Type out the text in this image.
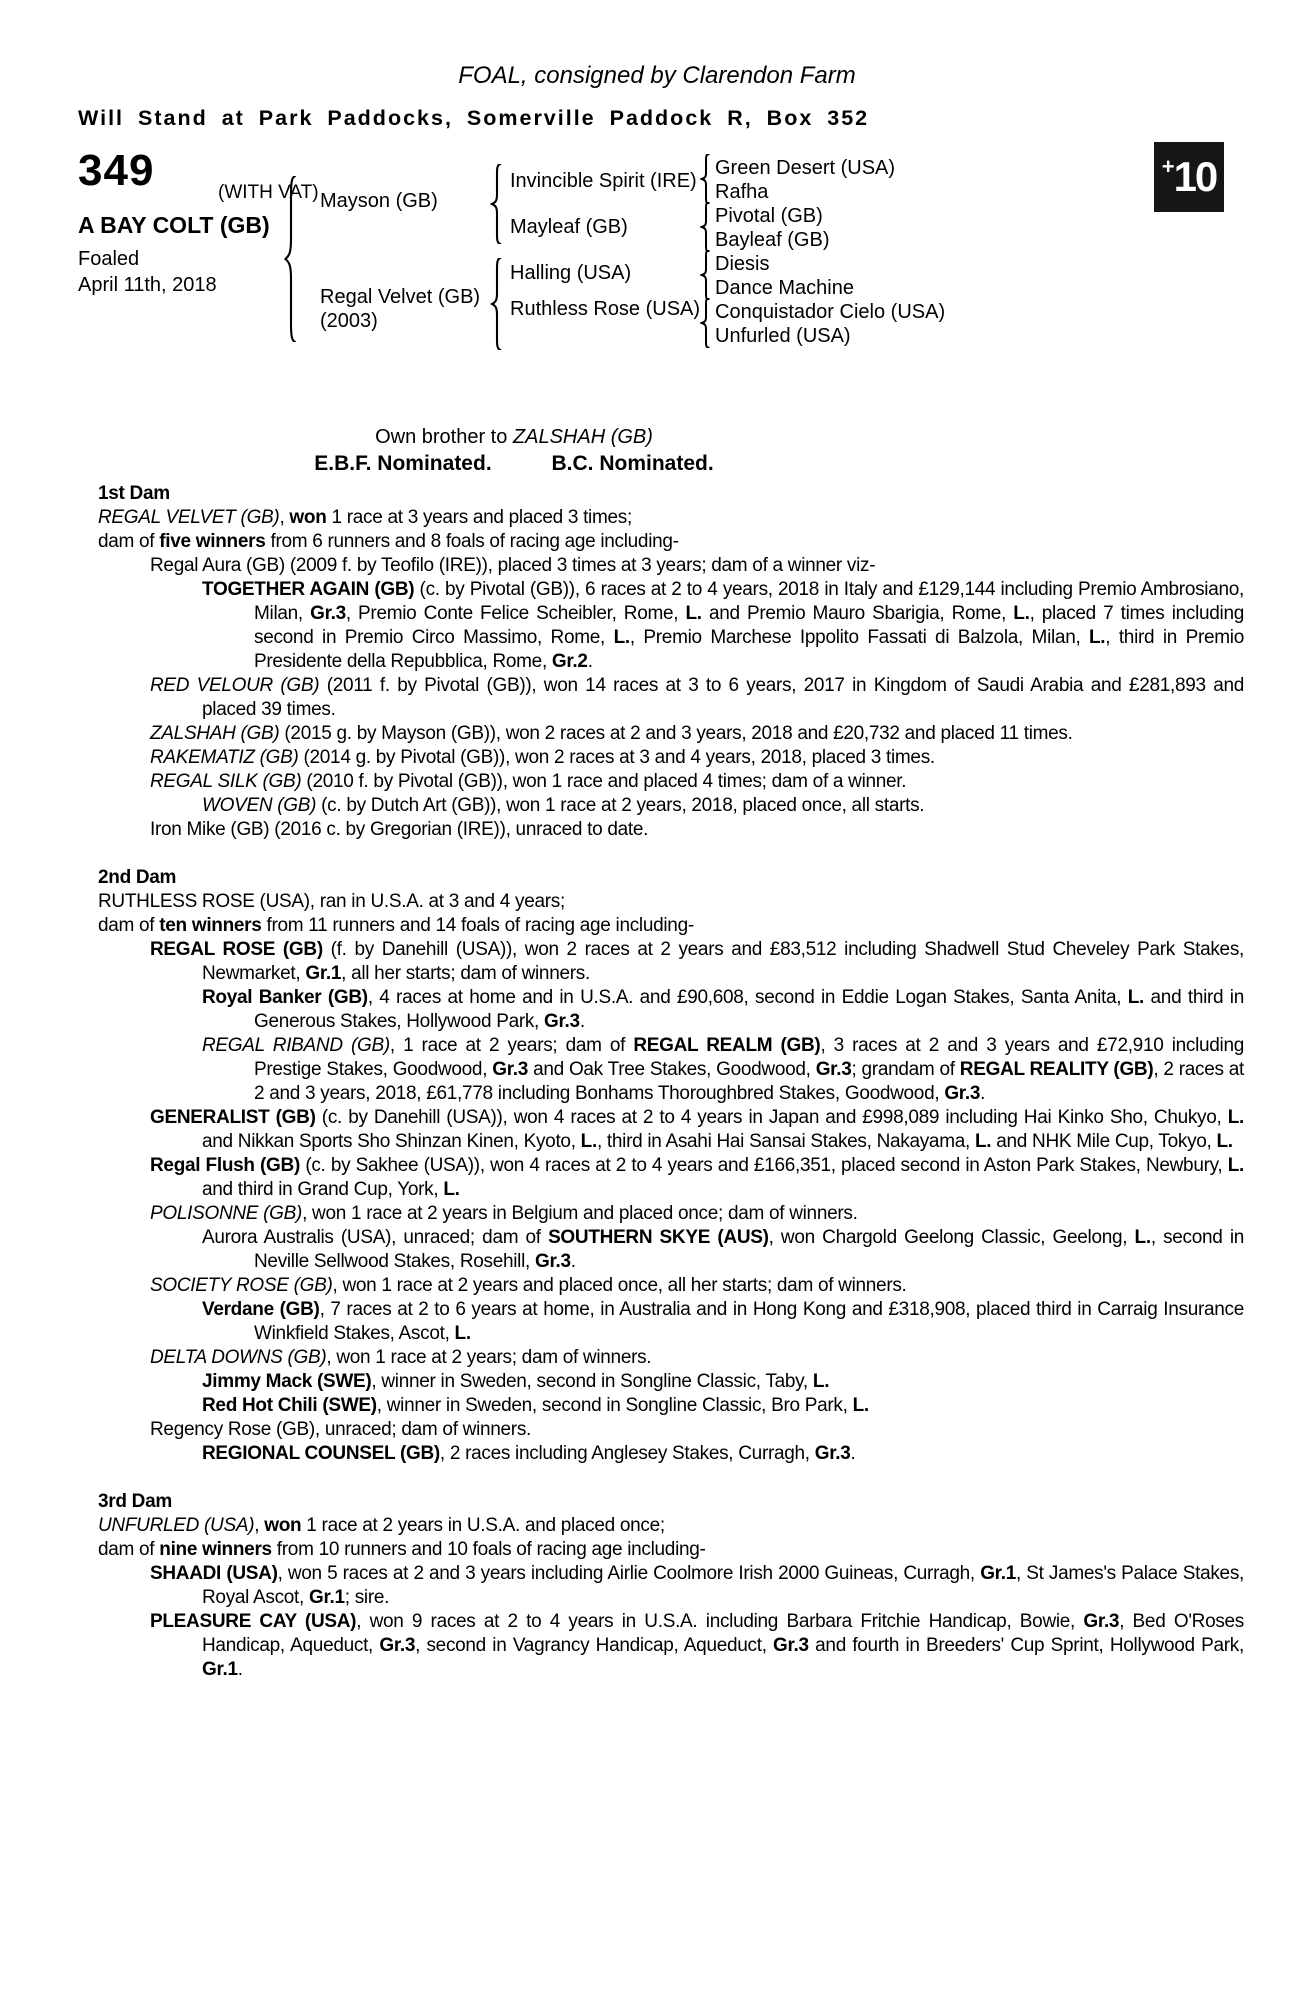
FOAL, consigned by Clarendon Farm
Will Stand at Park Paddocks, Somerville Paddock R, Box 352
+ 10
349	(WITH VAT)
A BAY COLT (GB)
Foaled
April 11th, 2018
Mayson (GB)
Regal Velvet (GB)
(2003)
Invincible Spirit (IRE)
Mayleaf (GB)
Halling (USA)
Ruthless Rose (USA)
Green Desert (USA)
Rafha
Pivotal (GB)
Bayleaf (GB)
Diesis
Dance Machine
Conquistador Cielo (USA)
Unfurled (USA)
Own brother to ZALSHAH (GB)
E.B.F. Nominated.	B.C. Nominated.
1st Dam

REGAL VELVET (GB), won 1 race at 3 years and placed 3 times;

dam of five winners from 6 runners and 8 foals of racing age including-

Regal Aura (GB) (2009 f. by Teofilo (IRE)), placed 3 times at 3 years; dam of a winner viz-

TOGETHER AGAIN (GB) (c. by Pivotal (GB)), 6 races at 2 to 4 years, 2018 in Italy and £129,144 including Premio Ambrosiano, Milan, Gr.3, Premio Conte Felice Scheibler, Rome, L. and Premio Mauro Sbarigia, Rome, L., placed 7 times including second in Premio Circo Massimo, Rome, L., Premio Marchese Ippolito Fassati di Balzola, Milan, L., third in Premio Presidente della Repubblica, Rome, Gr.2.

RED VELOUR (GB) (2011 f. by Pivotal (GB)), won 14 races at 3 to 6 years, 2017 in Kingdom of Saudi Arabia and £281,893 and placed 39 times.

ZALSHAH (GB) (2015 g. by Mayson (GB)), won 2 races at 2 and 3 years, 2018 and £20,732 and placed 11 times.

RAKEMATIZ (GB) (2014 g. by Pivotal (GB)), won 2 races at 3 and 4 years, 2018, placed 3 times.

REGAL SILK (GB) (2010 f. by Pivotal (GB)), won 1 race and placed 4 times; dam of a winner.

WOVEN (GB) (c. by Dutch Art (GB)), won 1 race at 2 years, 2018, placed once, all starts.

Iron Mike (GB) (2016 c. by Gregorian (IRE)), unraced to date.

2nd Dam

RUTHLESS ROSE (USA), ran in U.S.A. at 3 and 4 years;

dam of ten winners from 11 runners and 14 foals of racing age including-

REGAL ROSE (GB) (f. by Danehill (USA)), won 2 races at 2 years and £83,512 including Shadwell Stud Cheveley Park Stakes, Newmarket, Gr.1, all her starts; dam of winners.

Royal Banker (GB), 4 races at home and in U.S.A. and £90,608, second in Eddie Logan Stakes, Santa Anita, L. and third in Generous Stakes, Hollywood Park, Gr.3.

REGAL RIBAND (GB), 1 race at 2 years; dam of REGAL REALM (GB), 3 races at 2 and 3 years and £72,910 including Prestige Stakes, Goodwood, Gr.3 and Oak Tree Stakes, Goodwood, Gr.3; grandam of REGAL REALITY (GB), 2 races at 2 and 3 years, 2018, £61,778 including Bonhams Thoroughbred Stakes, Goodwood, Gr.3.

GENERALIST (GB) (c. by Danehill (USA)), won 4 races at 2 to 4 years in Japan and £998,089 including Hai Kinko Sho, Chukyo, L. and Nikkan Sports Sho Shinzan Kinen, Kyoto, L., third in Asahi Hai Sansai Stakes, Nakayama, L. and NHK Mile Cup, Tokyo, L.

Regal Flush (GB) (c. by Sakhee (USA)), won 4 races at 2 to 4 years and £166,351, placed second in Aston Park Stakes, Newbury, L. and third in Grand Cup, York, L.

POLISONNE (GB), won 1 race at 2 years in Belgium and placed once; dam of winners.

Aurora Australis (USA), unraced; dam of SOUTHERN SKYE (AUS), won Chargold Geelong Classic, Geelong, L., second in Neville Sellwood Stakes, Rosehill, Gr.3.

SOCIETY ROSE (GB), won 1 race at 2 years and placed once, all her starts; dam of winners.

Verdane (GB), 7 races at 2 to 6 years at home, in Australia and in Hong Kong and £318,908, placed third in Carraig Insurance Winkfield Stakes, Ascot, L.

DELTA DOWNS (GB), won 1 race at 2 years; dam of winners.

Jimmy Mack (SWE), winner in Sweden, second in Songline Classic, Taby, L.

Red Hot Chili (SWE), winner in Sweden, second in Songline Classic, Bro Park, L.

Regency Rose (GB), unraced; dam of winners.

REGIONAL COUNSEL (GB), 2 races including Anglesey Stakes, Curragh, Gr.3.

3rd Dam

UNFURLED (USA), won 1 race at 2 years in U.S.A. and placed once;

dam of nine winners from 10 runners and 10 foals of racing age including-

SHAADI (USA), won 5 races at 2 and 3 years including Airlie Coolmore Irish 2000 Guineas, Curragh, Gr.1, St James's Palace Stakes, Royal Ascot, Gr.1; sire.

PLEASURE CAY (USA), won 9 races at 2 to 4 years in U.S.A. including Barbara Fritchie Handicap, Bowie, Gr.3, Bed O'Roses Handicap, Aqueduct, Gr.3, second in Vagrancy Handicap, Aqueduct, Gr.3 and fourth in Breeders' Cup Sprint, Hollywood Park, Gr.1.
